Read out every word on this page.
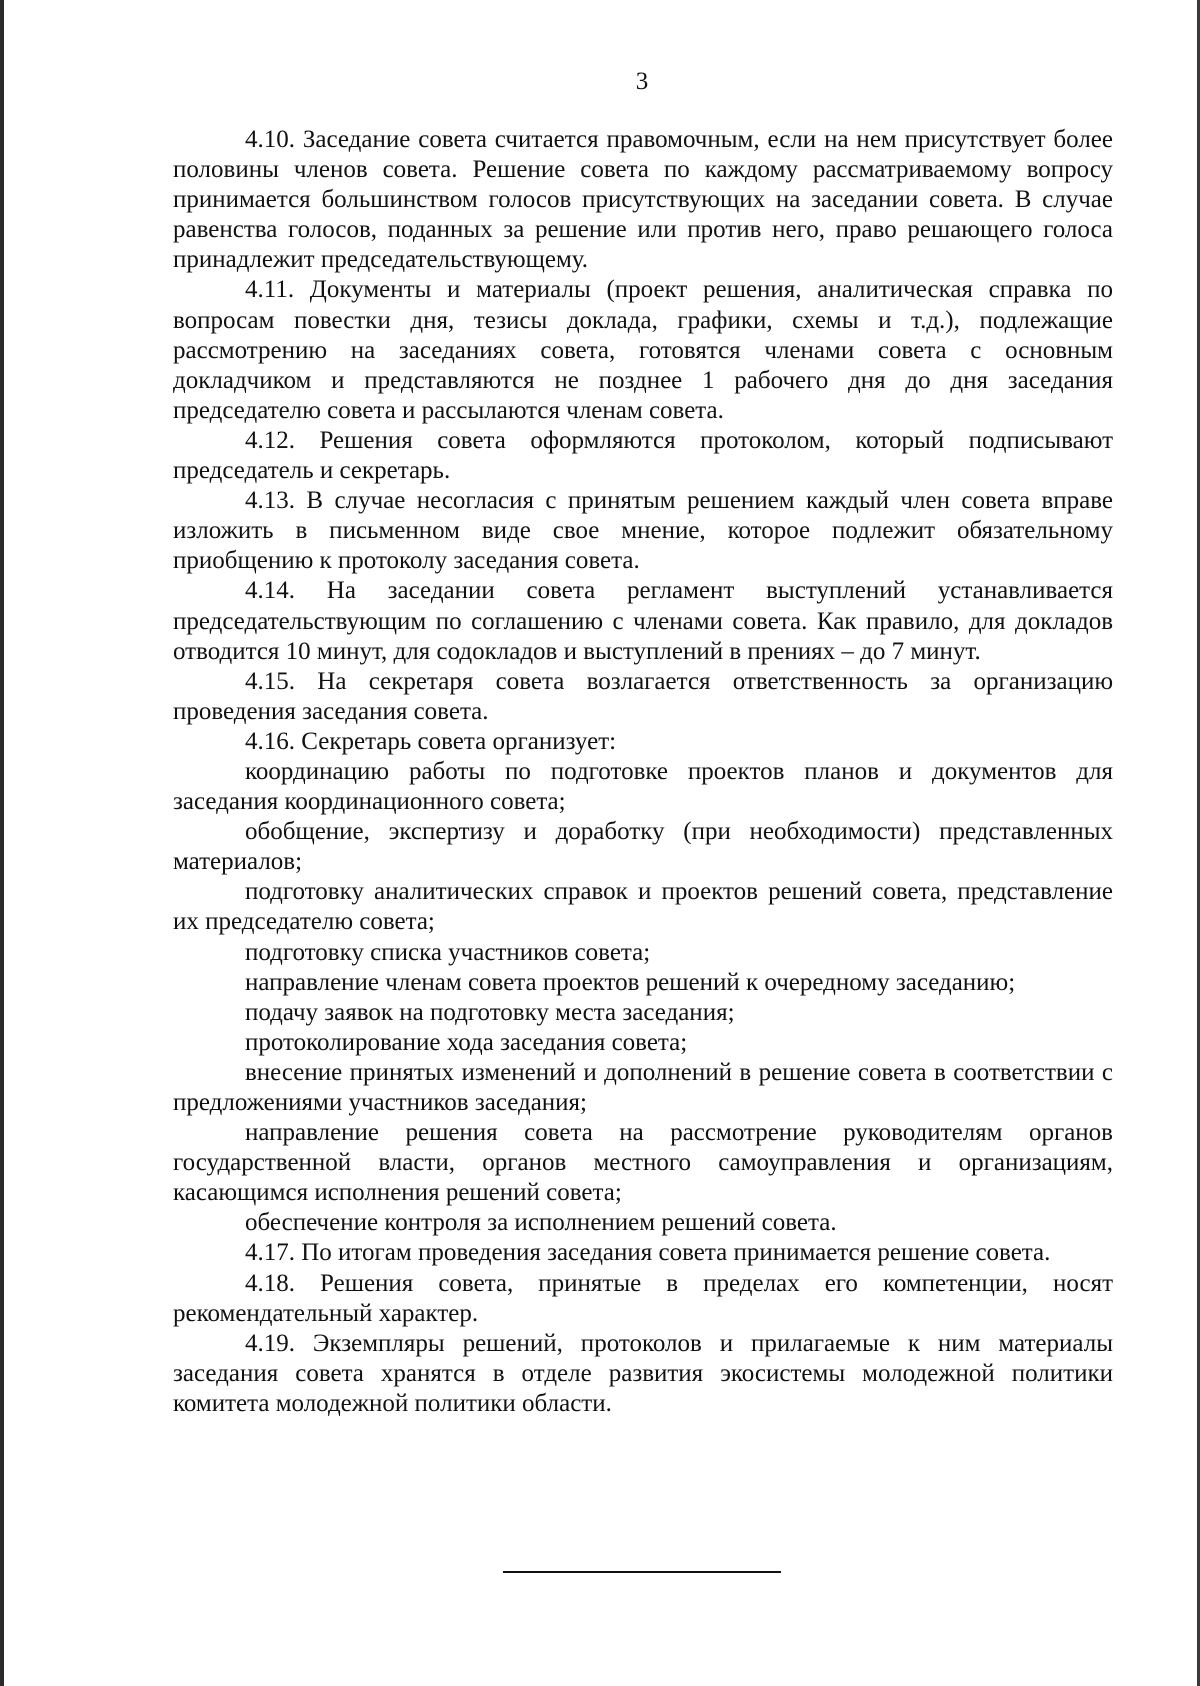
3

4.10. Заседание совета считается правомочным, если на нем присутствует более половины членов совета. Решение совета по каждому рассматриваемому вопросу принимается большинством голосов присутствующих на заседании совета. В случае равенства голосов, поданных за решение или против него, право решающего голоса принадлежит председательствующему.

4.11. Документы и материалы (проект решения, аналитическая справка по вопросам повестки дня, тезисы доклада, графики, схемы и т.д.), подлежащие рассмотрению на заседаниях совета, готовятся членами совета с основным докладчиком и представляются не позднее 1 рабочего дня до дня заседания председателю совета и рассылаются членам совета.

4.12. Решения совета оформляются протоколом, который подписывают председатель и секретарь.

4.13. В случае несогласия с принятым решением каждый член совета вправе изложить в письменном виде свое мнение, которое подлежит обязательному приобщению к протоколу заседания совета.

4.14. На заседании совета регламент выступлений устанавливается председательствующим по соглашению с членами совета. Как правило, для докладов отводится 10 минут, для содокладов и выступлений в прениях – до 7 минут.

4.15. На секретаря совета возлагается ответственность за организацию проведения заседания совета.

4.16. Секретарь совета организует:

координацию работы по подготовке проектов планов и документов для заседания координационного совета;

обобщение, экспертизу и доработку (при необходимости) представленных материалов;

подготовку аналитических справок и проектов решений совета, представление их председателю совета;

подготовку списка участников совета;

направление членам совета проектов решений к очередному заседанию;

подачу заявок на подготовку места заседания;

протоколирование хода заседания совета;

внесение принятых изменений и дополнений в решение совета в соответствии с предложениями участников заседания;

направление решения совета на рассмотрение руководителям органов государственной власти, органов местного самоуправления и организациям, касающимся исполнения решений совета;

обеспечение контроля за исполнением решений совета.

4.17. По итогам проведения заседания совета принимается решение совета.

4.18. Решения совета, принятые в пределах его компетенции, носят рекомендательный характер.

4.19. Экземпляры решений, протоколов и прилагаемые к ним материалы заседания совета хранятся в отделе развития экосистемы молодежной политики комитета молодежной политики области.
